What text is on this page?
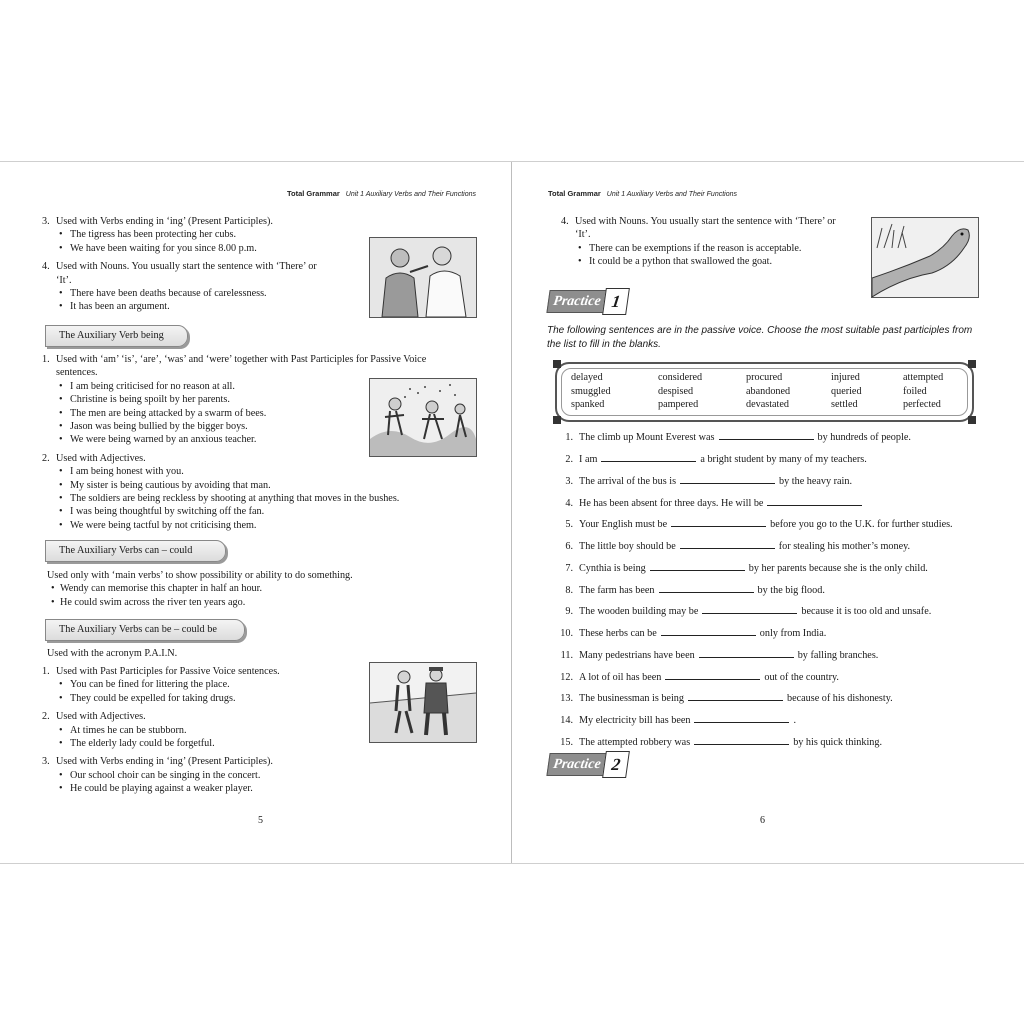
Total Grammar Unit 1 Auxiliary Verbs and Their Functions

3. Used with Verbs ending in ‘ing’ (Present Participles).

• The tigress has been protecting her cubs.

• We have been waiting for you since 8.00 p.m.

4. Used with Nouns. You usually start the sentence with ‘There’ or

‘It’.

• There have been deaths because of carelessness.

• It has been an argument.

The Auxiliary Verb being

1. Used with ‘am’ ‘is’, ‘are’, ‘was’ and ‘were’ together with Past Participles for Passive Voice

sentences.

• I am being criticised for no reason at all.

• Christine is being spoilt by her parents.

• The men are being attacked by a swarm of bees.

• Jason was being bullied by the bigger boys.

• We were being warned by an anxious teacher.

2. Used with Adjectives.

• I am being honest with you.

• My sister is being cautious by avoiding that man.

• The soldiers are being reckless by shooting at anything that moves in the bushes.

• I was being thoughtful by switching off the fan.

• We were being tactful by not criticising them.

The Auxiliary Verbs can – could

Used only with ‘main verbs’ to show possibility or ability to do something.

• Wendy can memorise this chapter in half an hour.

• He could swim across the river ten years ago.

The Auxiliary Verbs can be – could be

Used with the acronym P.A.I.N.

1. Used with Past Participles for Passive Voice sentences.

• You can be fined for littering the place.

• They could be expelled for taking drugs.

2. Used with Adjectives.

• At times he can be stubborn.

• The elderly lady could be forgetful.

3. Used with Verbs ending in ‘ing’ (Present Participles).

• Our school choir can be singing in the concert.

• He could be playing against a weaker player.

5
Total Grammar Unit 1 Auxiliary Verbs and Their Functions

4. Used with Nouns. You usually start the sentence with ‘There’ or

‘It’.

• There can be exemptions if the reason is acceptable.

• It could be a python that swallowed the goat.

Practice 1
The following sentences are in the passive voice. Choose the most suitable past participles from the list to fill in the blanks.
delayed	considered	procured	injured	attempted
smuggled	despised	abandoned	queried	foiled
spanked	pampered	devastated	settled	perfected
1. The climb up Mount Everest was	by hundreds of people.
2. I am	a bright student by many of my teachers.
3. The arrival of the bus is	by the heavy rain.
4. He has been absent for three days. He will be
5. Your English must be	before you go to the U.K. for further studies.
6. The little boy should be	for stealing his mother’s money.
7. Cynthia is being	by her parents because she is the only child.
8. The farm has been	by the big flood.
9. The wooden building may be	because it is too old and unsafe.
10. These herbs can be	only from India.
11. Many pedestrians have been	by falling branches.
12. A lot of oil has been	out of the country.
13. The businessman is being	because of his dishonesty.
14. My electricity bill has been	.
15. The attempted robbery was	by his quick thinking.
Practice 2
6
